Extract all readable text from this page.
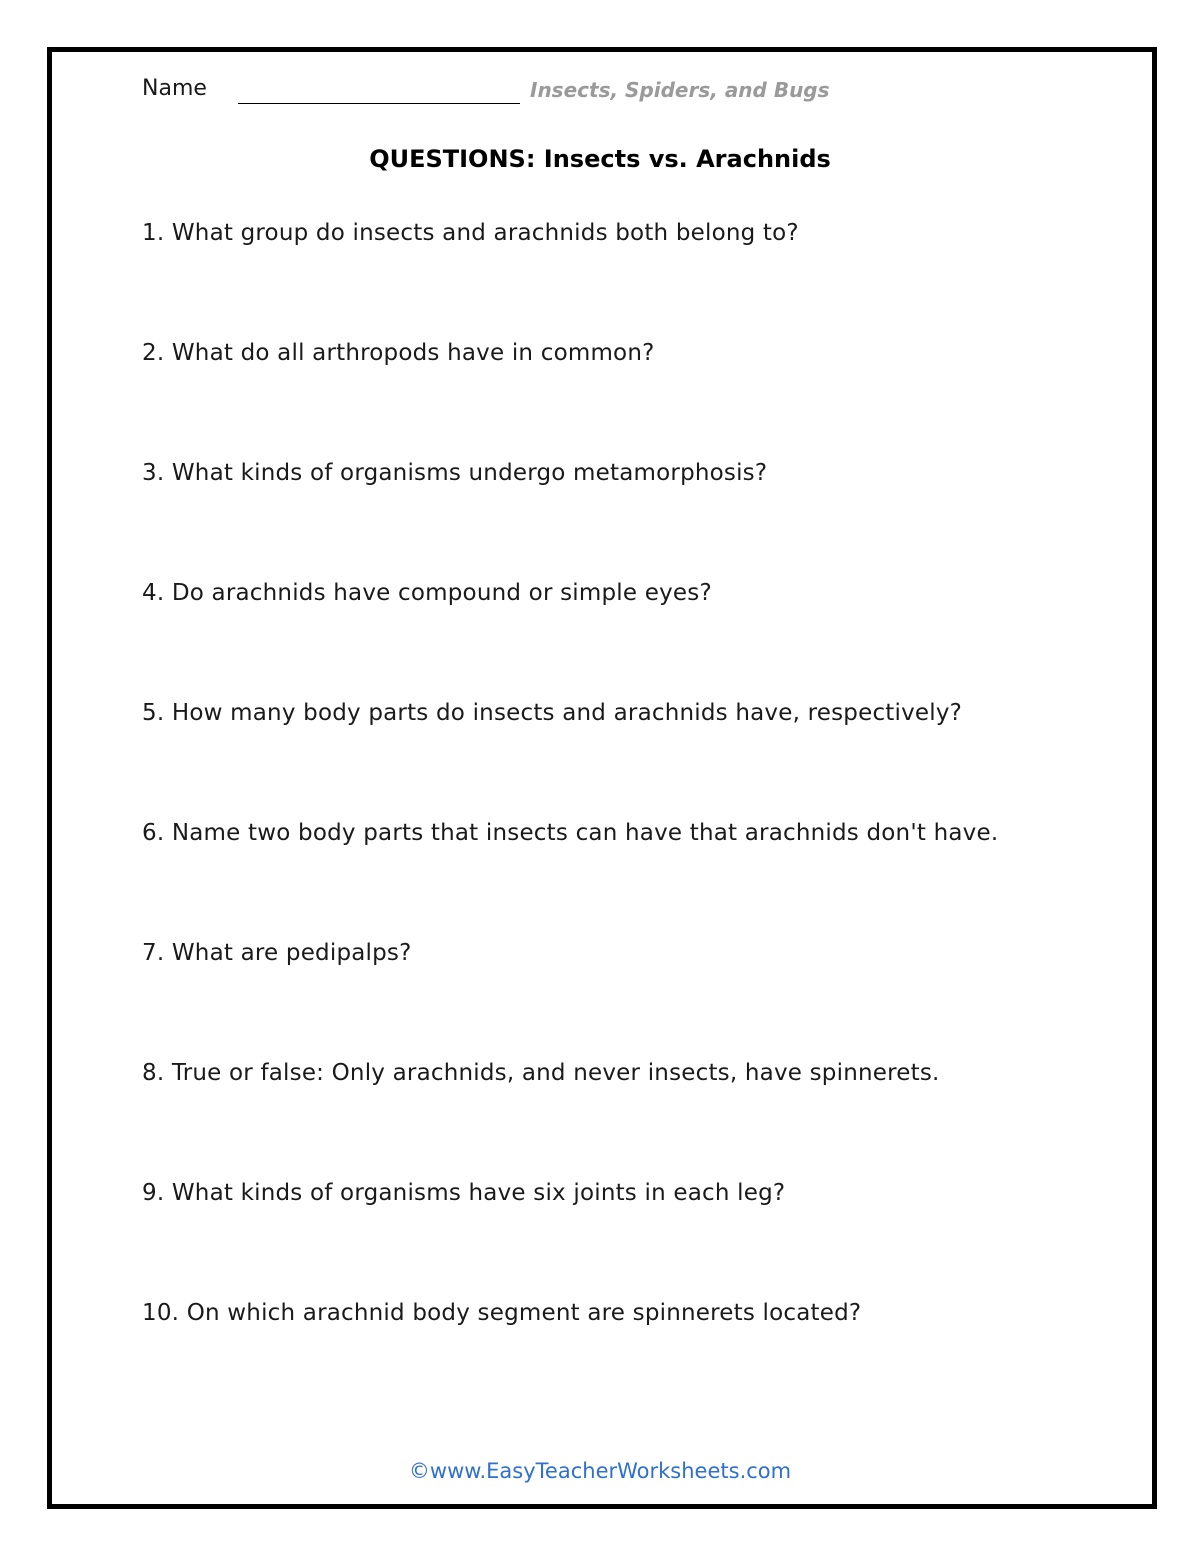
Name	Insects, Spiders, and Bugs
QUESTIONS: Insects vs. Arachnids
1. What group do insects and arachnids both belong to?
2. What do all arthropods have in common?
3. What kinds of organisms undergo metamorphosis?
4. Do arachnids have compound or simple eyes?
5. How many body parts do insects and arachnids have, respectively?
6. Name two body parts that insects can have that arachnids don't have.
7. What are pedipalps?
8. True or false: Only arachnids, and never insects, have spinnerets.
9. What kinds of organisms have six joints in each leg?
10. On which arachnid body segment are spinnerets located?
©www.EasyTeacherWorksheets.com
